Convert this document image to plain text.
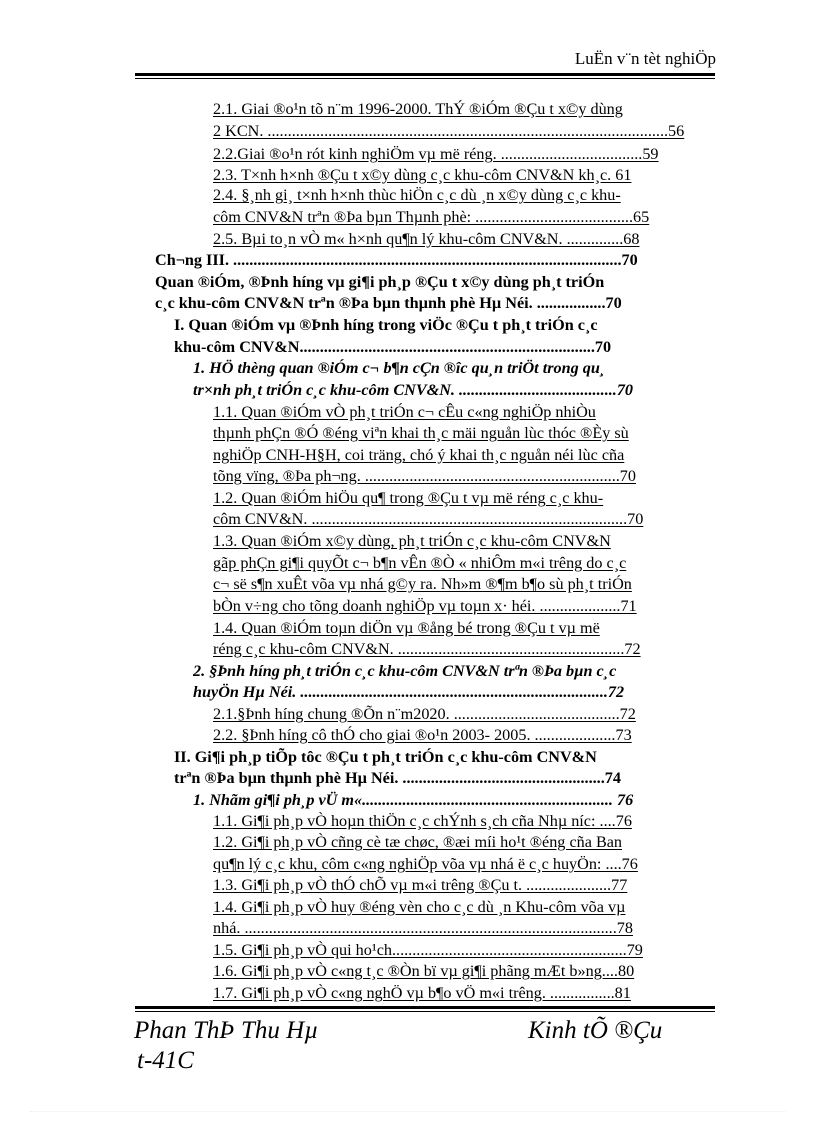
LuËn v¨n tèt nghiÖp
2.1. Giai ®o¹n tõ n¨m 1996-2000. ThÝ ®iÓm ®Çu t x©y dùng
2 KCN. ...................................................................................................56
2.2.Giai ®o¹n rót kinh nghiÖm vµ më réng. ...................................59
2.3. T×nh h×nh ®Çu t x©y dùng c¸c khu-côm CNV&N kh¸c. 61
2.4. §¸nh gi¸ t×nh h×nh thùc hiÖn c¸c dù ¸n x©y dùng c¸c khu-
côm CNV&N trªn ®Þa bµn Thµnh phè: .......................................65
2.5. Bµi to¸n vÒ m« h×nh qu¶n lý khu-côm CNV&N. ..............68
Ch¬ng III. ................................................................................................70
Quan ®iÓm, ®Þnh híng vµ gi¶i ph¸p ®Çu t x©y dùng ph¸t triÓn
c¸c khu-côm CNV&N trªn ®Þa bµn thµnh phè Hµ Néi. .................70
I. Quan ®iÓm vµ ®Þnh híng trong viÖc ®Çu t ph¸t triÓn c¸c
khu-côm CNV&N.........................................................................70
1. HÖ thèng quan ®iÓm c¬ b¶n cÇn ®îc qu¸n triÖt trong qu¸
tr×nh ph¸t triÓn c¸c khu-côm CNV&N. .......................................70
1.1. Quan ®iÓm vÒ ph¸t triÓn c¬ cÊu c«ng nghiÖp nhiÒu
thµnh phÇn ®Ó ®éng viªn khai th¸c mäi nguån lùc thóc ®Èy sù
nghiÖp CNH-H§H, coi träng, chó ý khai th¸c nguån néi lùc cña
tõng vïng, ®Þa ph¬ng. ...............................................................70
1.2. Quan ®iÓm hiÖu qu¶ trong ®Çu t vµ më réng c¸c khu-
côm CNV&N. ..............................................................................70
1.3. Quan ®iÓm x©y dùng, ph¸t triÓn c¸c khu-côm CNV&N
gãp phÇn gi¶i quyÕt c¬ b¶n vÊn ®Ò « nhiÔm m«i trêng do c¸c
c¬ së s¶n xuÊt võa vµ nhá g©y ra. Nh»m ®¶m b¶o sù ph¸t triÓn
bÒn v÷ng cho tõng doanh nghiÖp vµ toµn x· héi. ....................71
1.4. Quan ®iÓm toµn diÖn vµ ®ång bé trong ®Çu t vµ më
réng c¸c khu-côm CNV&N. ........................................................72
2. §Þnh híng ph¸t triÓn c¸c khu-côm CNV&N trªn ®Þa bµn c¸c
huyÖn Hµ Néi. ............................................................................72
2.1.§Þnh híng chung ®Õn n¨m2020. .........................................72
2.2. §Þnh híng cô thÓ cho giai ®o¹n 2003- 2005. ....................73
II. Gi¶i ph¸p tiÕp tôc ®Çu t ph¸t triÓn c¸c khu-côm CNV&N
trªn ®Þa bµn thµnh phè Hµ Néi. ..................................................74
1. Nhãm gi¶i ph¸p vÜ m«.............................................................. 76
1.1. Gi¶i ph¸p vÒ hoµn thiÖn c¸c chÝnh s¸ch cña Nhµ níc: ....76
1.2. Gi¶i ph¸p vÒ cñng cè tæ chøc, ®æi míi ho¹t ®éng cña Ban
qu¶n lý c¸c khu, côm c«ng nghiÖp võa vµ nhá ë c¸c huyÖn: ....76
1.3. Gi¶i ph¸p vÒ thÓ chÕ vµ m«i trêng ®Çu t. .....................77
1.4. Gi¶i ph¸p vÒ huy ®éng vèn cho c¸c dù ¸n Khu-côm võa vµ
nhá. ............................................................................................78
1.5. Gi¶i ph¸p vÒ qui ho¹ch..........................................................79
1.6. Gi¶i ph¸p vÒ c«ng t¸c ®Òn bï vµ gi¶i phãng mÆt b»ng....80
1.7. Gi¶i ph¸p vÒ c«ng nghÖ vµ b¶o vÖ m«i trêng. ................81
Phan ThÞ Thu Hµ	Kinh tÕ ®Çu
t-41C
